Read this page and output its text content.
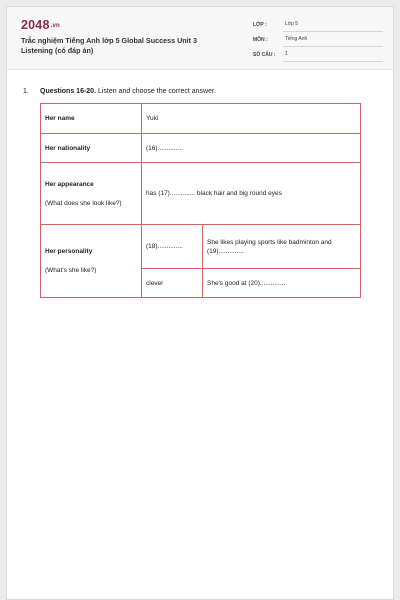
2048.vn
Trắc nghiệm Tiếng Anh lớp 5 Global Success Unit 3 Listening (có đáp án)
LỚP :	Lớp 5
MÔN :	Tiếng Anh
SỐ CÂU :	1
1. Questions 16-20. Listen and choose the correct answer.
Her name	Yuki	
Her nationality	(16)..............	

Her appearance
(What does she look like?)	has (17).............. black hair and big round eyes	

Her personality
(What's she like?)	(18)..............	She likes playing sports like badminton and (19)..............
	clever	She's good at (20)..............
